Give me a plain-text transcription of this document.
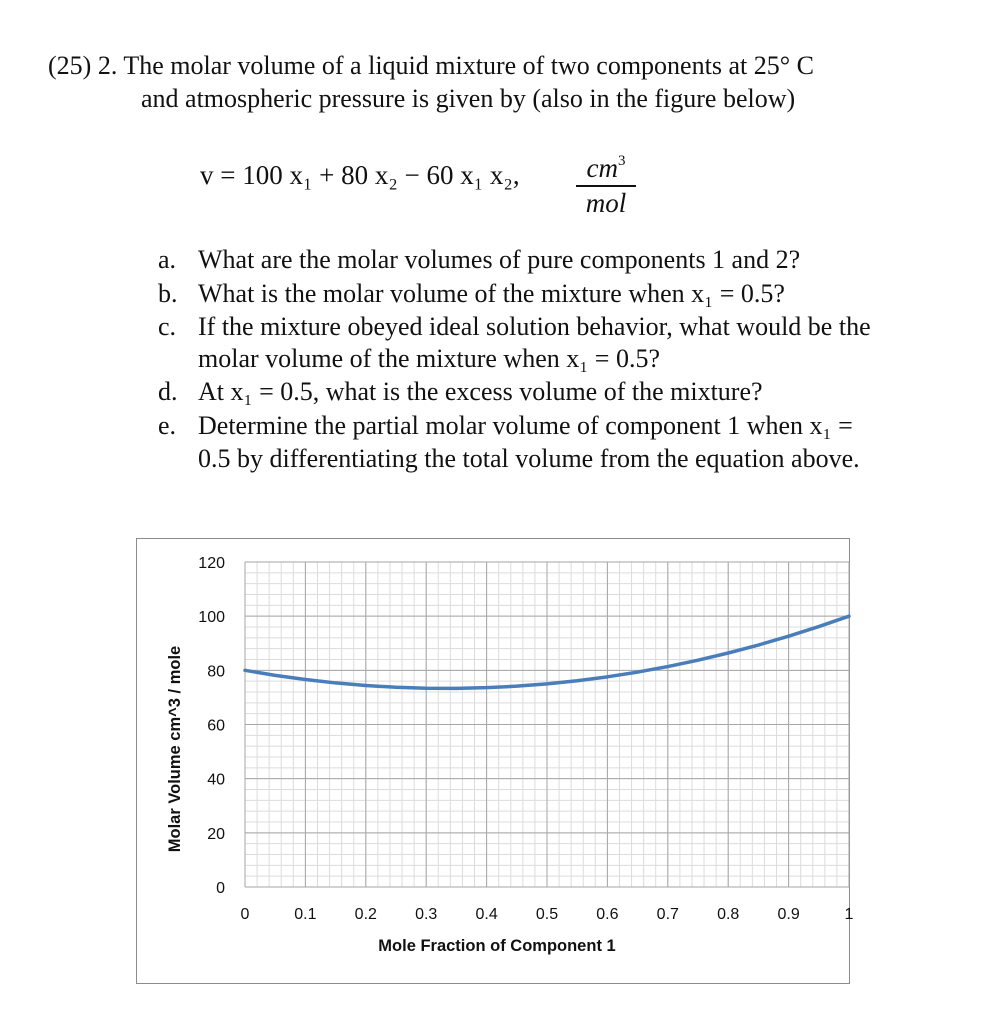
(25) 2. The molar volume of a liquid mixture of two components at 25° C
and atmospheric pressure is given by (also in the figure below)
v = 100 x₁ + 80 x₂ − 60 x₁ x₂,	$cm^3$
mol
a. What are the molar volumes of pure components 1 and 2?
b. What is the molar volume of the mixture when x₁ = 0.5?
c. If the mixture obeyed ideal solution behavior, what would be the
molar volume of the mixture when x₁ = 0.5?
d. At x₁ = 0.5, what is the excess volume of the mixture?
e. Determine the partial molar volume of component 1 when x₁ =
0.5 by differentiating the total volume from the equation above.
0
20
40
60
80
100
120
0	0.1 0.2 0.3 0.4 0.5 0.6 0.7 0.8 0.9	1
Mole Fraction of Component 1
Molar Volume cm^3 / mole
